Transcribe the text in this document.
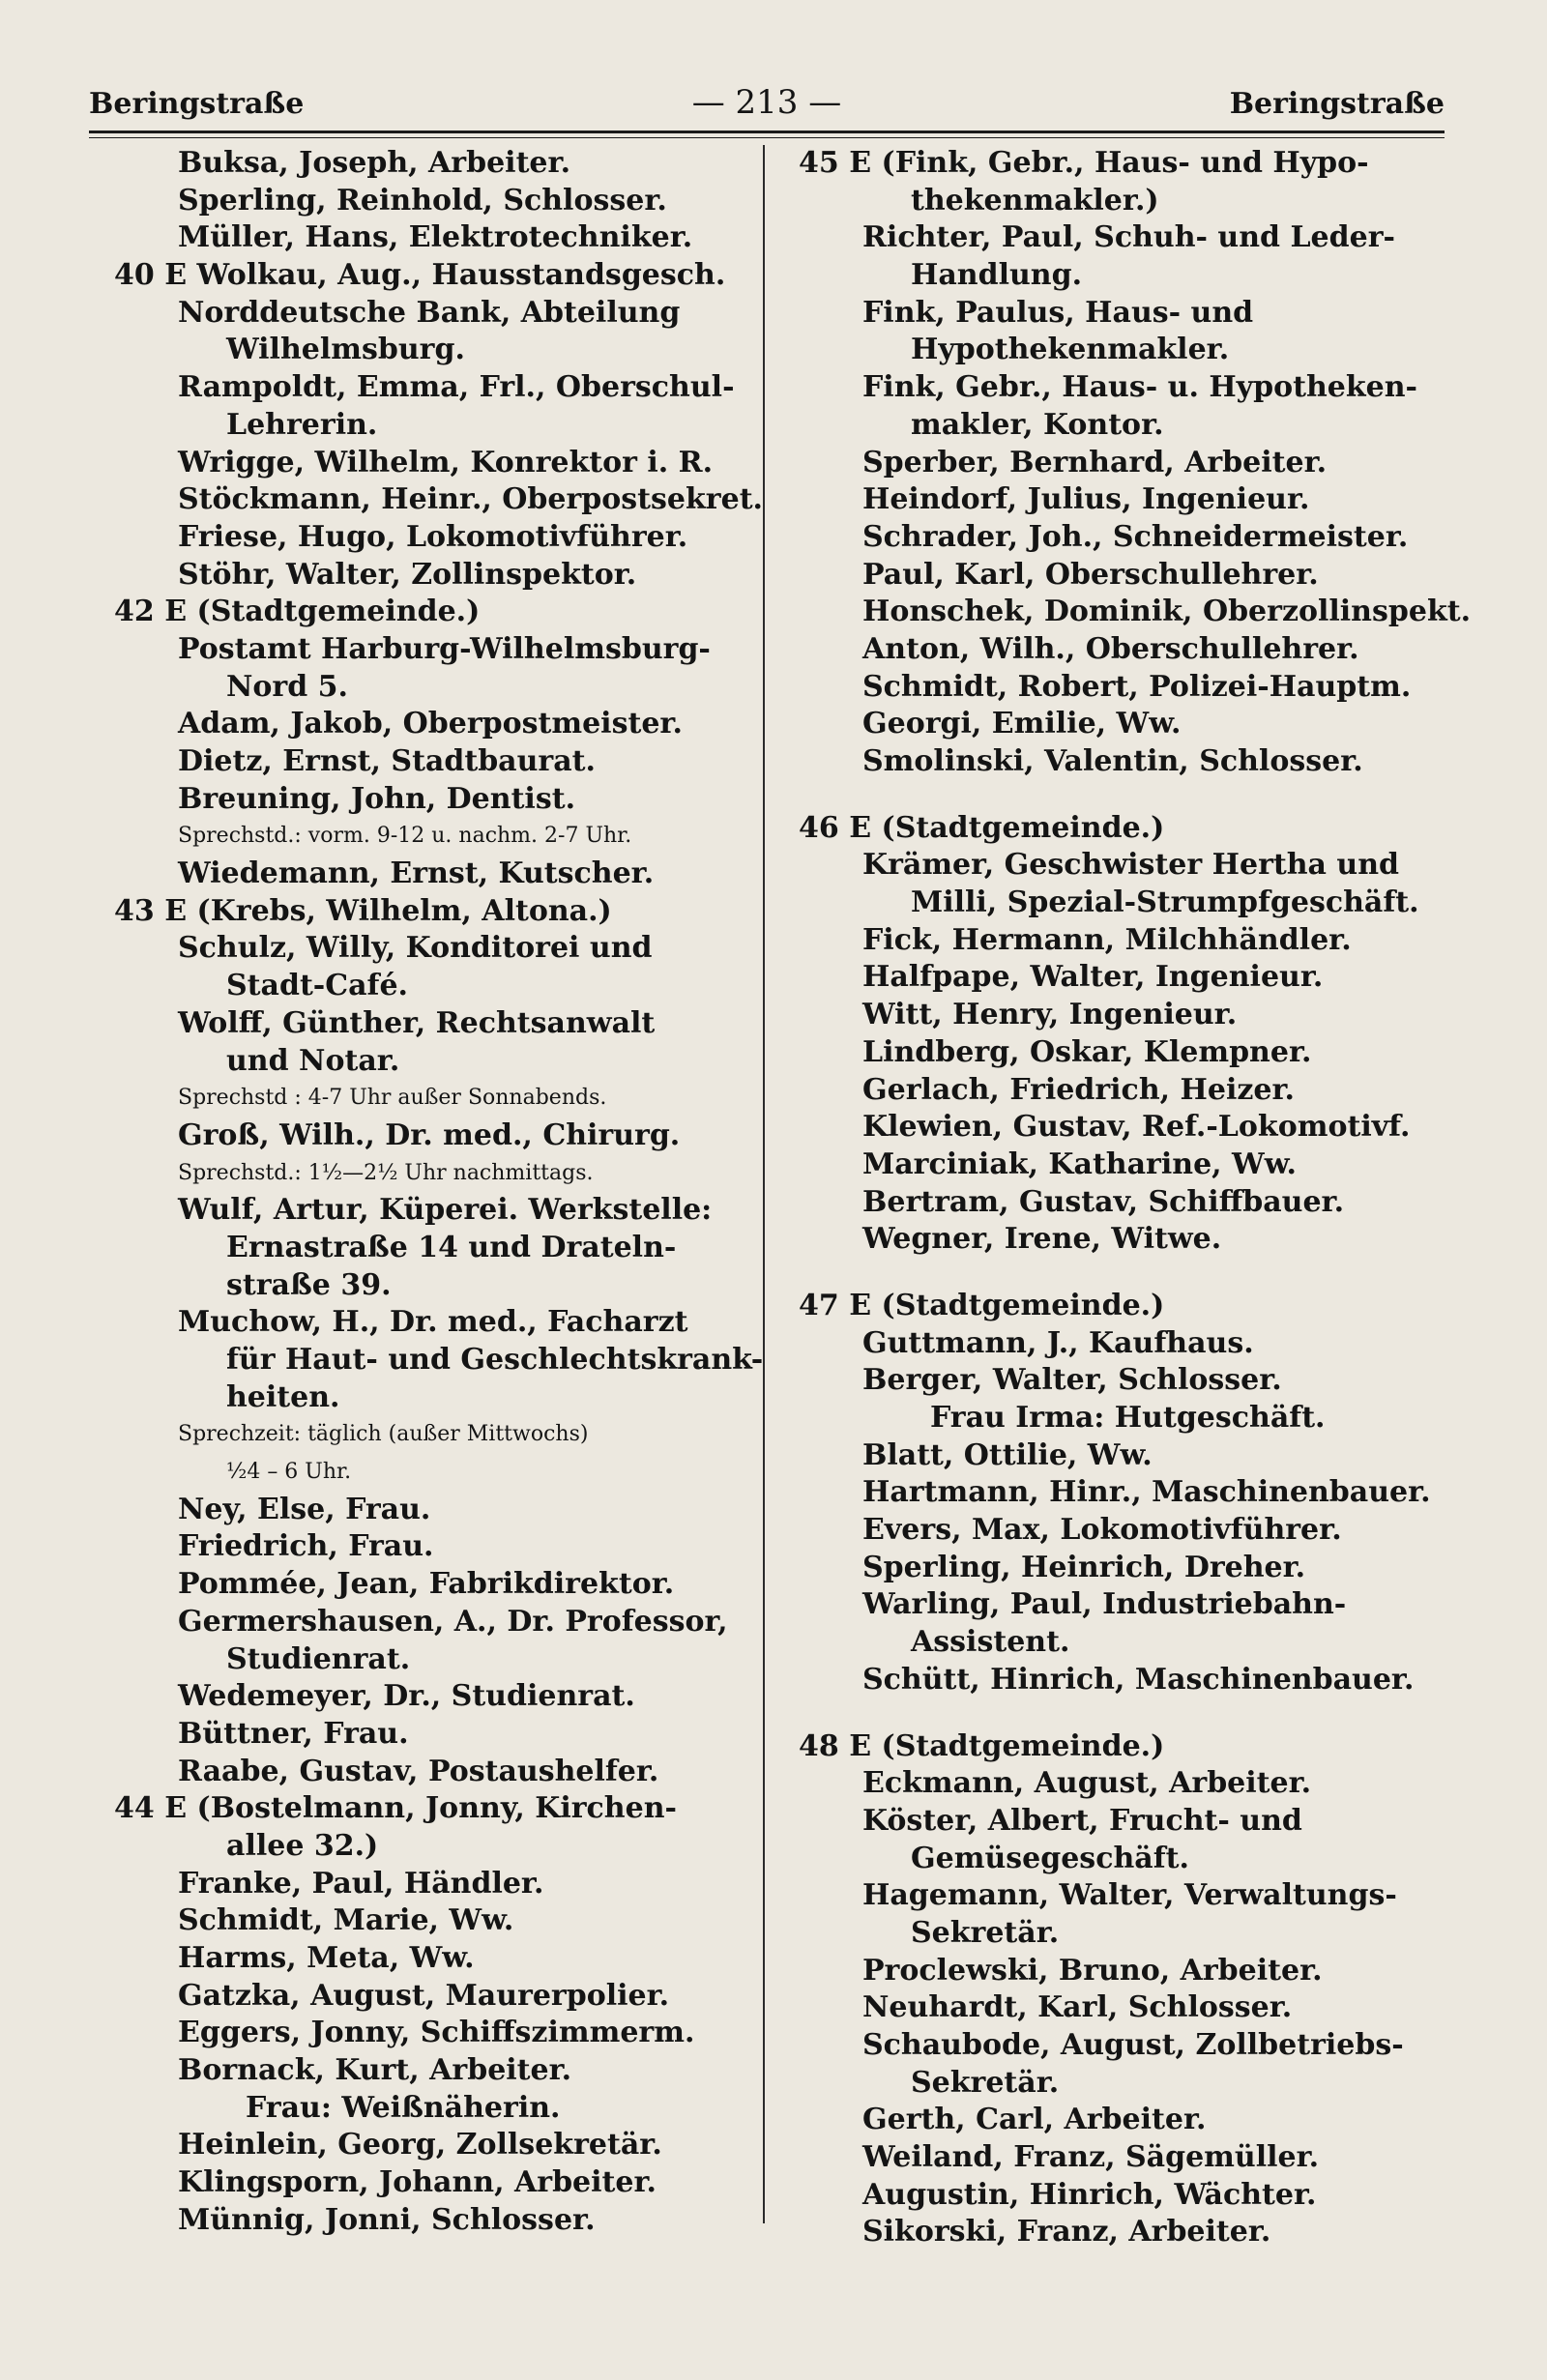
Beringstraße	— 213 —	Beringstraße
Buksa, Joseph, Arbeiter.
Sperling, Reinhold, Schlosser.
Müller, Hans, Elektrotechniker.
40 E Wolkau, Aug., Hausstandsgesch.
Norddeutsche Bank, Abteilung
Wilhelmsburg.
Rampoldt, Emma, Frl., Oberschul-
Lehrerin.
Wrigge, Wilhelm, Konrektor i. R.
Stöckmann, Heinr., Oberpostsekret.
Friese, Hugo, Lokomotivführer.
Stöhr, Walter, Zollinspektor.
42 E (Stadtgemeinde.)
Postamt Harburg-Wilhelmsburg-
Nord 5.
Adam, Jakob, Oberpostmeister.
Dietz, Ernst, Stadtbaurat.
Breuning, John, Dentist.
Sprechstd.: vorm. 9-12 u. nachm. 2-7 Uhr.
Wiedemann, Ernst, Kutscher.
43 E (Krebs, Wilhelm, Altona.)
Schulz, Willy, Konditorei und
Stadt-Café.
Wolff, Günther, Rechtsanwalt
und Notar.
Sprechstd : 4-7 Uhr außer Sonnabends.
Groß, Wilh., Dr. med., Chirurg.
Sprechstd.: 1½—2½ Uhr nachmittags.
Wulf, Artur, Küperei. Werkstelle:
Ernastraße 14 und Drateln-
straße 39.
Muchow, H., Dr. med., Facharzt
für Haut- und Geschlechtskrank-
heiten.
Sprechzeit: täglich (außer Mittwochs)
½4 – 6 Uhr.
Ney, Else, Frau.
Friedrich, Frau.
Pommée, Jean, Fabrikdirektor.
Germershausen, A., Dr. Professor,
Studienrat.
Wedemeyer, Dr., Studienrat.
Büttner, Frau.
Raabe, Gustav, Postaushelfer.
44 E (Bostelmann, Jonny, Kirchen-
allee 32.)
Franke, Paul, Händler.
Schmidt, Marie, Ww.
Harms, Meta, Ww.
Gatzka, August, Maurerpolier.
Eggers, Jonny, Schiffszimmerm.
Bornack, Kurt, Arbeiter.
Frau: Weißnäherin.
Heinlein, Georg, Zollsekretär.
Klingsporn, Johann, Arbeiter.
Münnig, Jonni, Schlosser.
45 E (Fink, Gebr., Haus- und Hypo-
thekenmakler.)
Richter, Paul, Schuh- und Leder-
Handlung.
Fink, Paulus, Haus- und
Hypothekenmakler.
Fink, Gebr., Haus- u. Hypotheken-
makler, Kontor.
Sperber, Bernhard, Arbeiter.
Heindorf, Julius, Ingenieur.
Schrader, Joh., Schneidermeister.
Paul, Karl, Oberschullehrer.
Honschek, Dominik, Oberzollinspekt.
Anton, Wilh., Oberschullehrer.
Schmidt, Robert, Polizei-Hauptm.
Georgi, Emilie, Ww.
Smolinski, Valentin, Schlosser.
46 E (Stadtgemeinde.)
Krämer, Geschwister Hertha und
Milli, Spezial-Strumpfgeschäft.
Fick, Hermann, Milchhändler.
Halfpape, Walter, Ingenieur.
Witt, Henry, Ingenieur.
Lindberg, Oskar, Klempner.
Gerlach, Friedrich, Heizer.
Klewien, Gustav, Ref.-Lokomotivf.
Marciniak, Katharine, Ww.
Bertram, Gustav, Schiffbauer.
Wegner, Irene, Witwe.
47 E (Stadtgemeinde.)
Guttmann, J., Kaufhaus.
Berger, Walter, Schlosser.
Frau Irma: Hutgeschäft.
Blatt, Ottilie, Ww.
Hartmann, Hinr., Maschinenbauer.
Evers, Max, Lokomotivführer.
Sperling, Heinrich, Dreher.
Warling, Paul, Industriebahn-
Assistent.
Schütt, Hinrich, Maschinenbauer.
48 E (Stadtgemeinde.)
Eckmann, August, Arbeiter.
Köster, Albert, Frucht- und
Gemüsegeschäft.
Hagemann, Walter, Verwaltungs-
Sekretär.
Proclewski, Bruno, Arbeiter.
Neuhardt, Karl, Schlosser.
Schaubode, August, Zollbetriebs-
Sekretär.
Gerth, Carl, Arbeiter.
Weiland, Franz, Sägemüller.
Augustin, Hinrich, Wächter.
Sikorski, Franz, Arbeiter.
